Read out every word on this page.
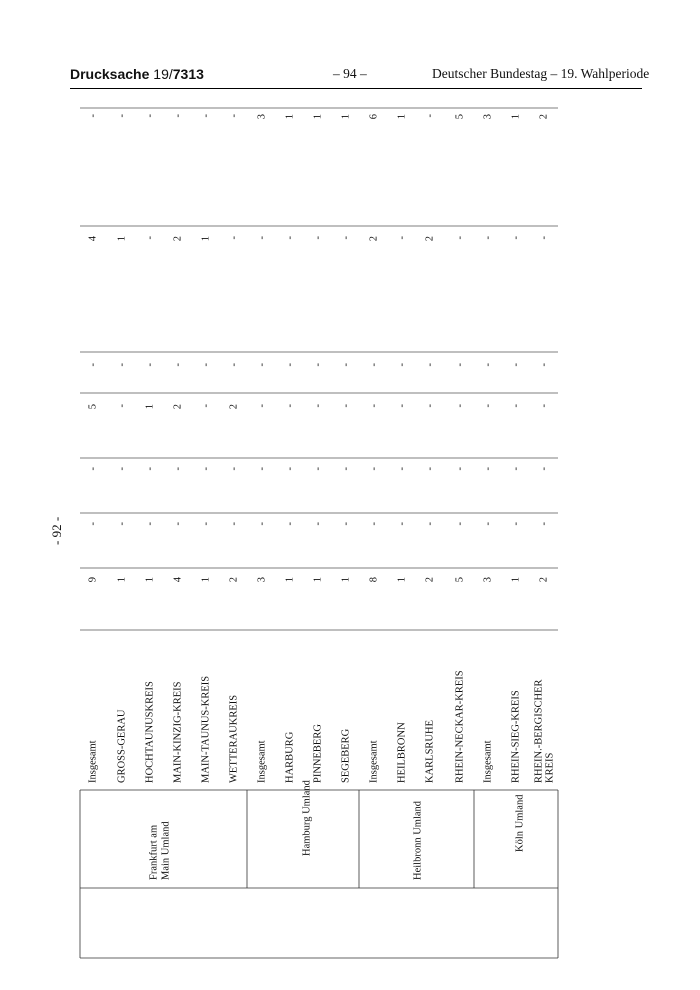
Drucksache 19/7313	– 94 –	Deutscher Bundestag – 19. Wahlperiode
- 92 -
Frankfurt am Main Umland
Insgesamt
9
-
-
5
-
4
-
GROSS-GERAU
1
-
-
-
-
1
-
HOCHTAUNUSKREIS
1
-
-
1
-
-
-
MAIN-KINZIG-KREIS
4
-
-
2
-
2
-
MAIN-TAUNUS-KREIS
1
-
-
-
-
1
-
WETTERAUKREIS
2
-
-
2
-
-
-
Hamburg Umland
Insgesamt
3
-
-
-
-
-
3
HARBURG
1
-
-
-
-
-
1
PINNEBERG
1
-
-
-
-
-
1
SEGEBERG
1
-
-
-
-
-
1
Heilbronn Umland
Insgesamt
8
-
-
-
-
2
6
HEILBRONN
1
-
-
-
-
-
1
KARLSRUHE
2
-
-
-
-
2
-
RHEIN-NECKAR-KREIS
5
-
-
-
-
-
5
Köln Umland
Insgesamt
3
-
-
-
-
-
3
RHEIN-SIEG-KREIS
1
-
-
-
-
-
1
RHEIN.-BERGISCHER KREIS
2
-
-
-
-
-
2
